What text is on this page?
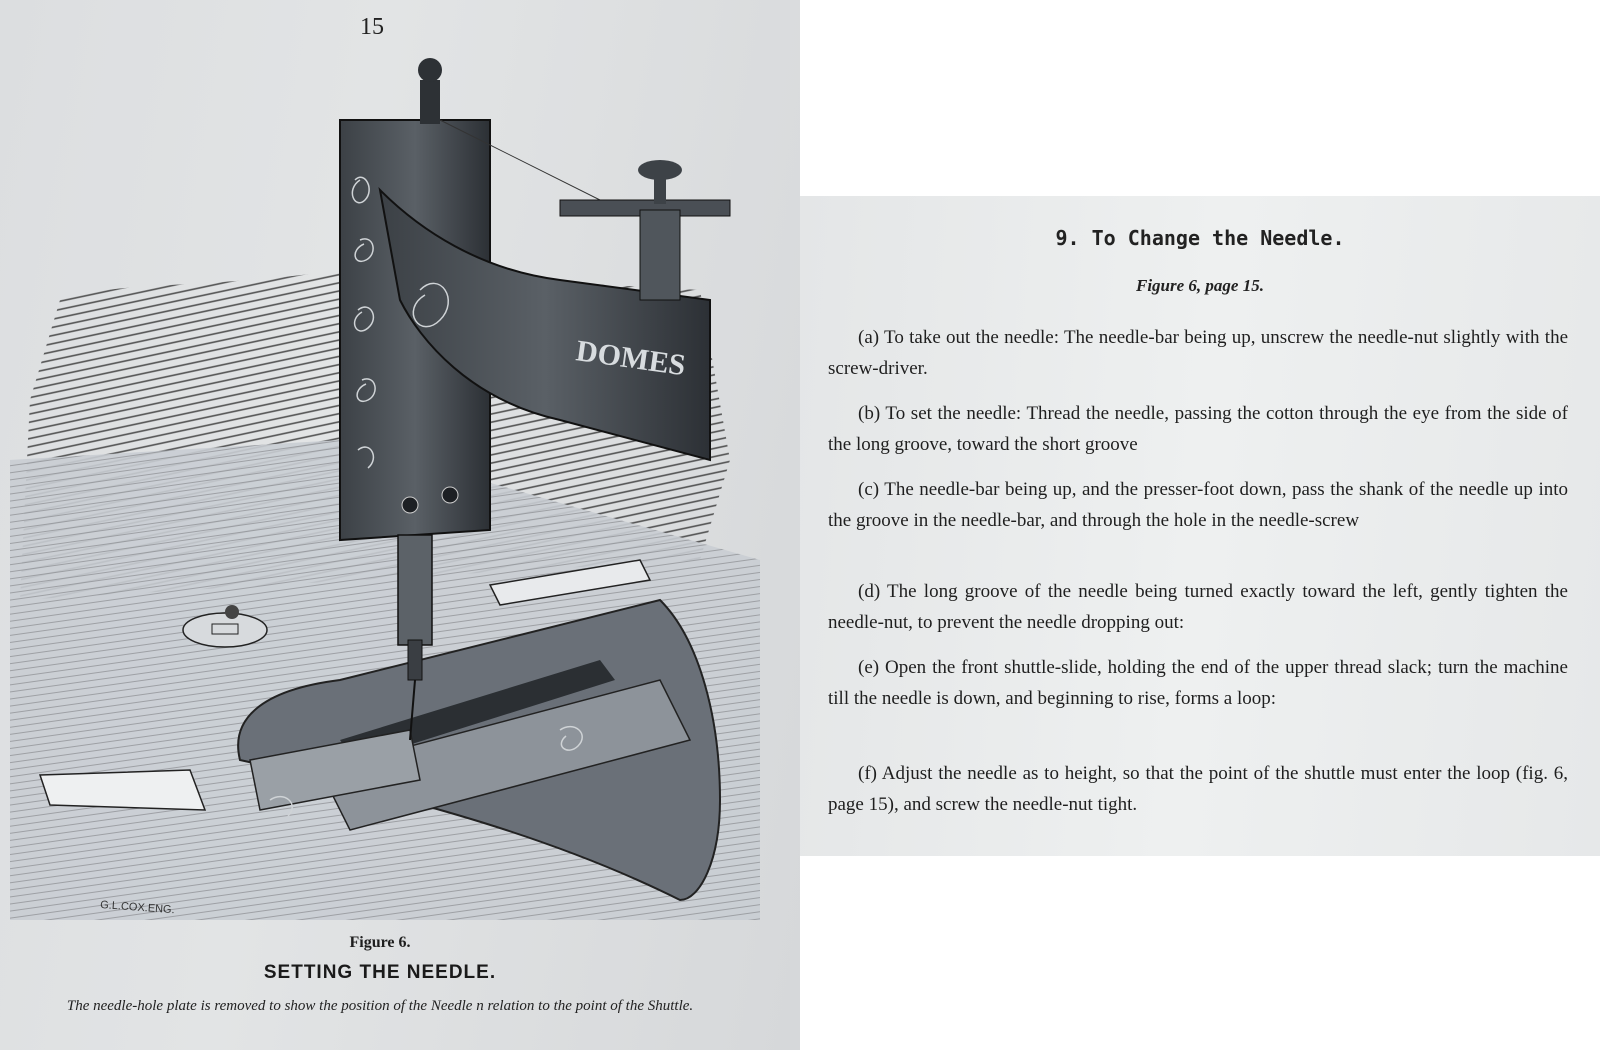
15
DOMES
G.L.COX.ENG.
Figure 6.
SETTING THE NEEDLE.
The needle-hole plate is removed to show the position of the Needle n relation to the point of the Shuttle.
9. To Change the Needle.
Figure 6, page 15.
(a) To take out the needle: The needle-bar being up, unscrew the needle-nut slightly with the screw-driver.
(b) To set the needle: Thread the needle, passing the cotton through the eye from the side of the long groove, toward the short groove
(c) The needle-bar being up, and the presser-foot down, pass the shank of the needle up into the groove in the needle-bar, and through the hole in the needle-screw
(d) The long groove of the needle being turned exactly toward the left, gently tighten the needle-nut, to prevent the needle dropping out:
(e) Open the front shuttle-slide, holding the end of the upper thread slack; turn the machine till the needle is down, and beginning to rise, forms a loop:
(f) Adjust the needle as to height, so that the point of the shuttle must enter the loop (fig. 6, page 15), and screw the needle-nut tight.
